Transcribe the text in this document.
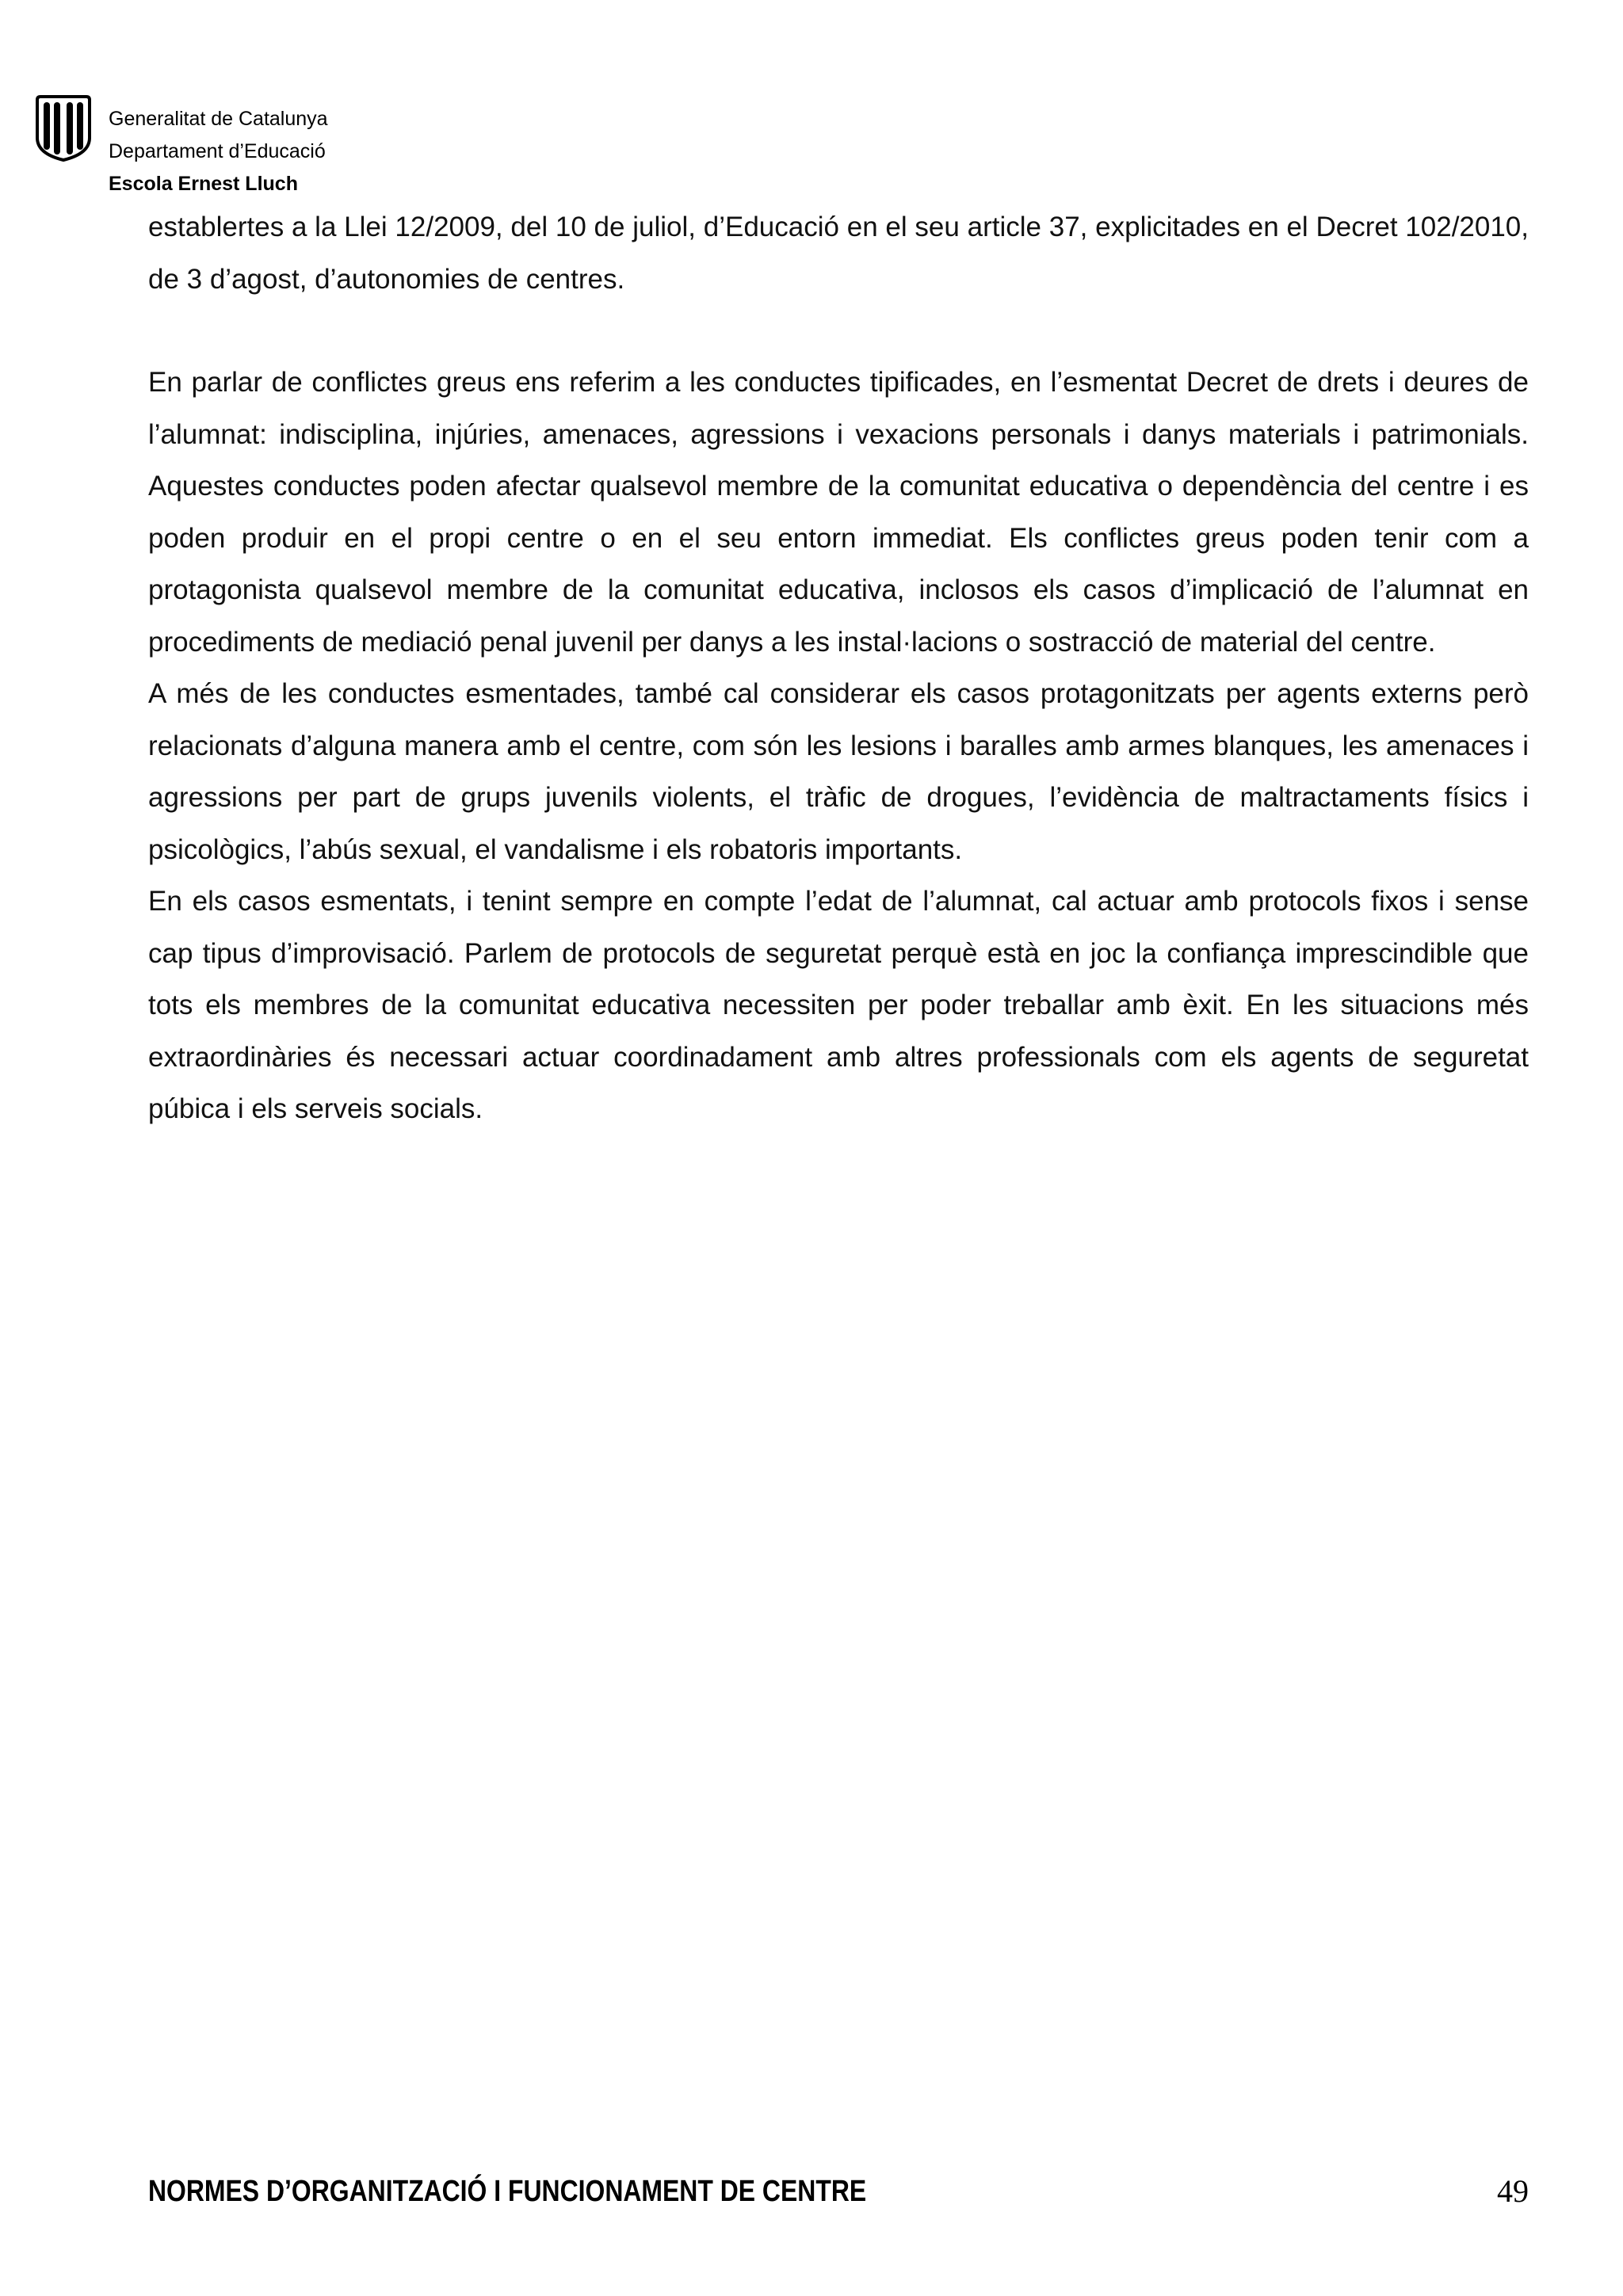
Generalitat de Catalunya
Departament d’Educació
Escola Ernest Lluch

establertes a la Llei 12/2009, del 10 de juliol, d’Educació en el seu article 37, explicitades en el Decret 102/2010, de 3 d’agost, d’autonomies de centres.

En parlar de conflictes greus ens referim a les conductes tipificades, en l’esmentat Decret de drets i deures de l’alumnat: indisciplina, injúries, amenaces, agressions i vexacions personals i danys materials i patrimonials. Aquestes conductes poden afectar qualsevol membre de la comunitat educativa o dependència del centre i es poden produir en el propi centre o en el seu entorn immediat. Els conflictes greus poden tenir com a protagonista qualsevol membre de la comunitat educativa, inclosos els casos d’implicació de l’alumnat en procediments de mediació penal juvenil per danys a les instal·lacions o sostracció de material del centre.

A més de les conductes esmentades, també cal considerar els casos protagonitzats per agents externs però relacionats d’alguna manera amb el centre, com són les lesions i baralles amb armes blanques, les amenaces i agressions per part de grups juvenils violents, el tràfic de drogues, l’evidència de maltractaments físics i psicològics, l’abús sexual, el vandalisme i els robatoris importants.

En els casos esmentats, i tenint sempre en compte l’edat de l’alumnat, cal actuar amb protocols fixos i sense cap tipus d’improvisació. Parlem de protocols de seguretat perquè està en joc la confiança imprescindible que tots els membres de la comunitat educativa necessiten per poder treballar amb èxit. En les situacions més extraordinàries és necessari actuar coordinadament amb altres professionals com els agents de seguretat púbica i els serveis socials.

NORMES D’ORGANITZACIÓ I FUNCIONAMENT DE CENTRE	49
